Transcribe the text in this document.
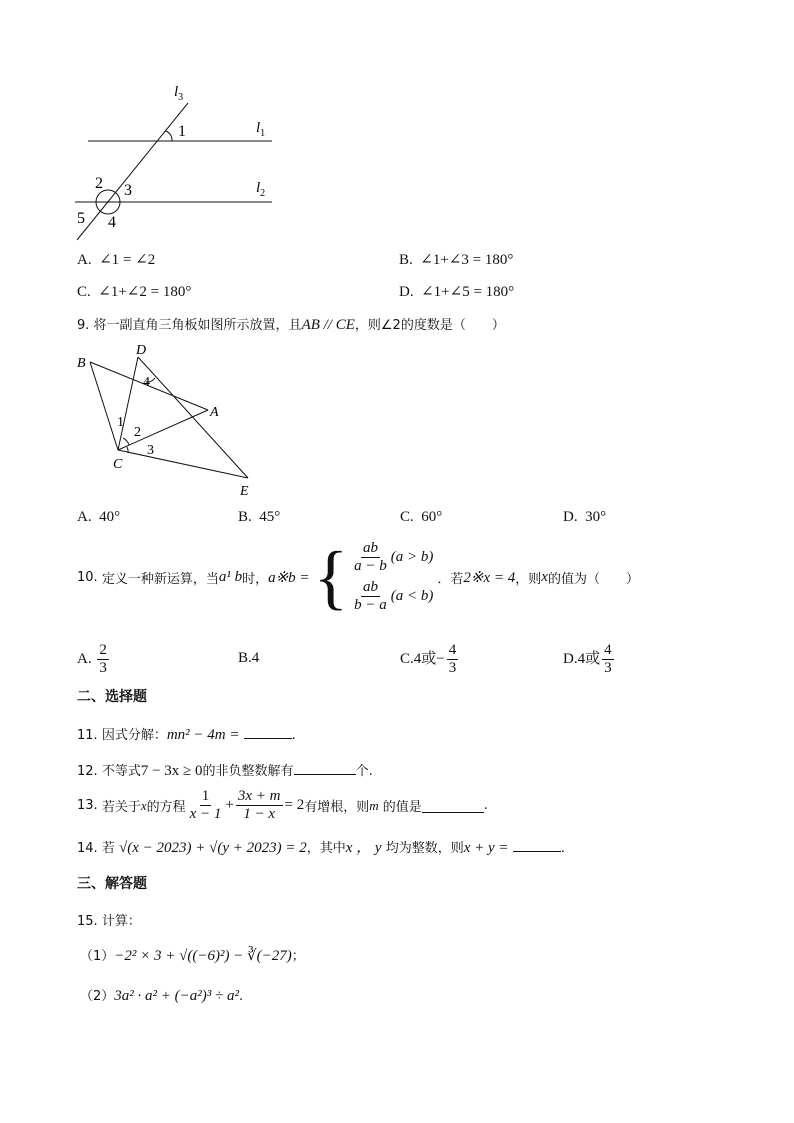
$l_3$
1	$l_1$
2 3	$l_2$
5 4
A. ∠1 = ∠2	B. ∠1+∠3 = 180°
C. ∠1+∠2 = 180°	D. ∠1+∠5 = 180°
9. 将一副直角三角板如图所示放置，且AB // CE，则∠2的度数是（　　）
B
D
A
C
E
1
2
3
4
A. 40°	B. 45°	C. 60°	D. 30°
10.
定义一种新运算，当 a¹ b 时， a※b = { $\frac{ab}{a - b} (a > b)$
$\frac{ab}{b - a} (a < b)$
．若 2※x = 4 ，则 x 的值为（　　）
A. $\frac{2}{3}$	B.4	C.4或− $\frac{4}{3}$	D.4或 $\frac{4}{3}$
二、选择题
11. 因式分解：mn² − 4m =	.
12. 不等式7 − 3x ≥ 0的非负整数解有	个.
13.
若关于 x 的方程 $\frac{1}{x - 1} + \frac{3x + m}{1 - x} = 2$ 有增根，则 m
的值是	.
14. 若 √(x − 2023) + √(y + 2023) = 2，其中x ， y 均为整数，则x + y =	.
三、解答题
15. 计算：
（1）−2² × 3 + √((−6)²) − ∛(−27)；
（2）3a² · a² + (−a²)³ ÷ a².
